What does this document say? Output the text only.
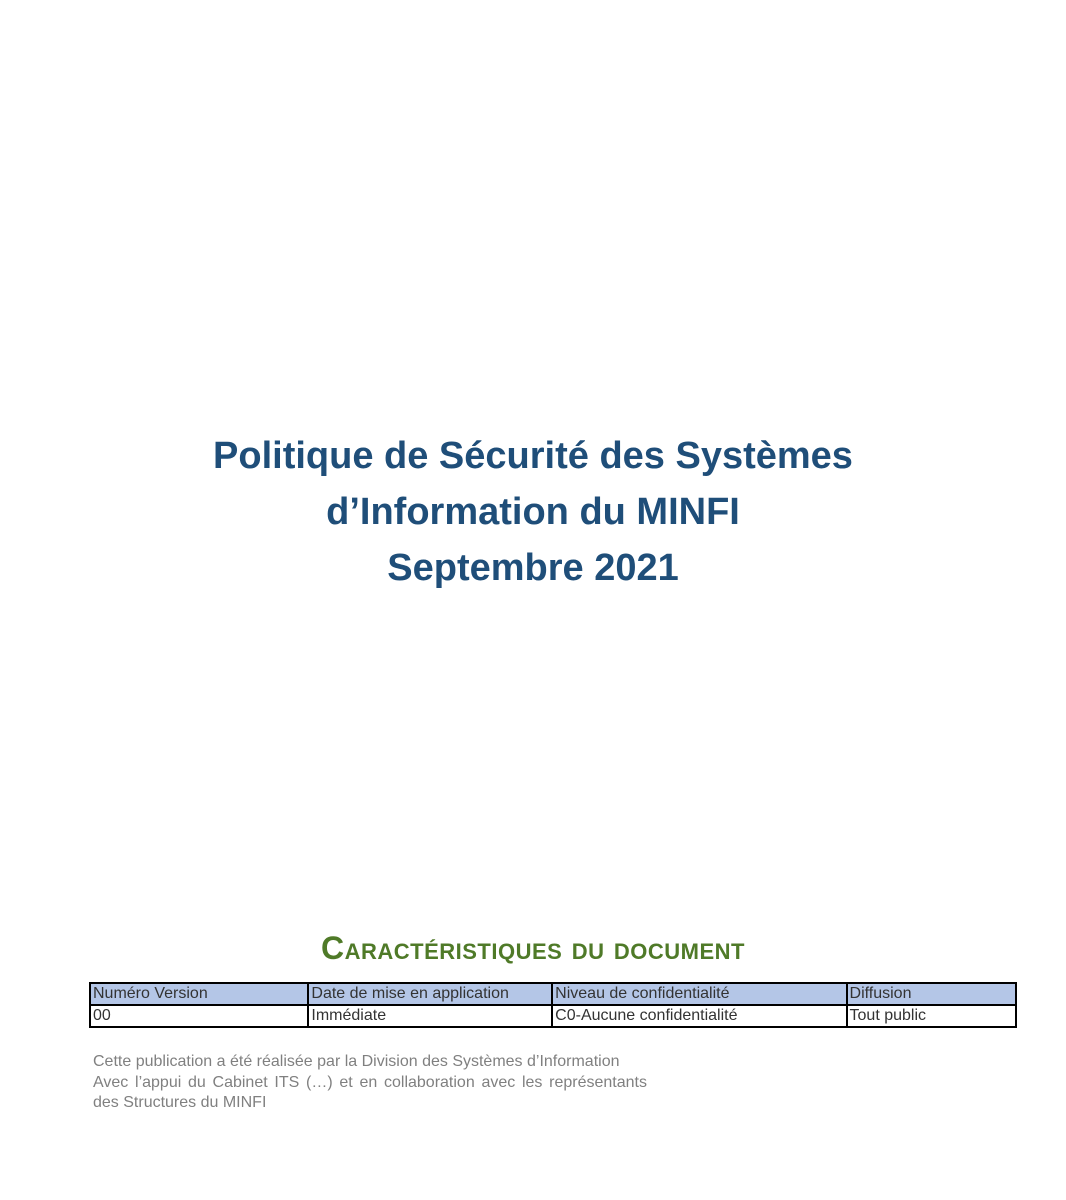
Politique de Sécurité des Systèmes
d’Information du MINFI
Septembre 2021
Caractéristiques du document
Numéro Version	Date de mise en application	Niveau de confidentialité	Diffusion
00	Immédiate	C0-Aucune confidentialité	Tout public

Cette publication a été réalisée par la Division des Systèmes d’Information

Avec l’appui du Cabinet ITS (…) et en collaboration avec les représentants des Structures du MINFI
